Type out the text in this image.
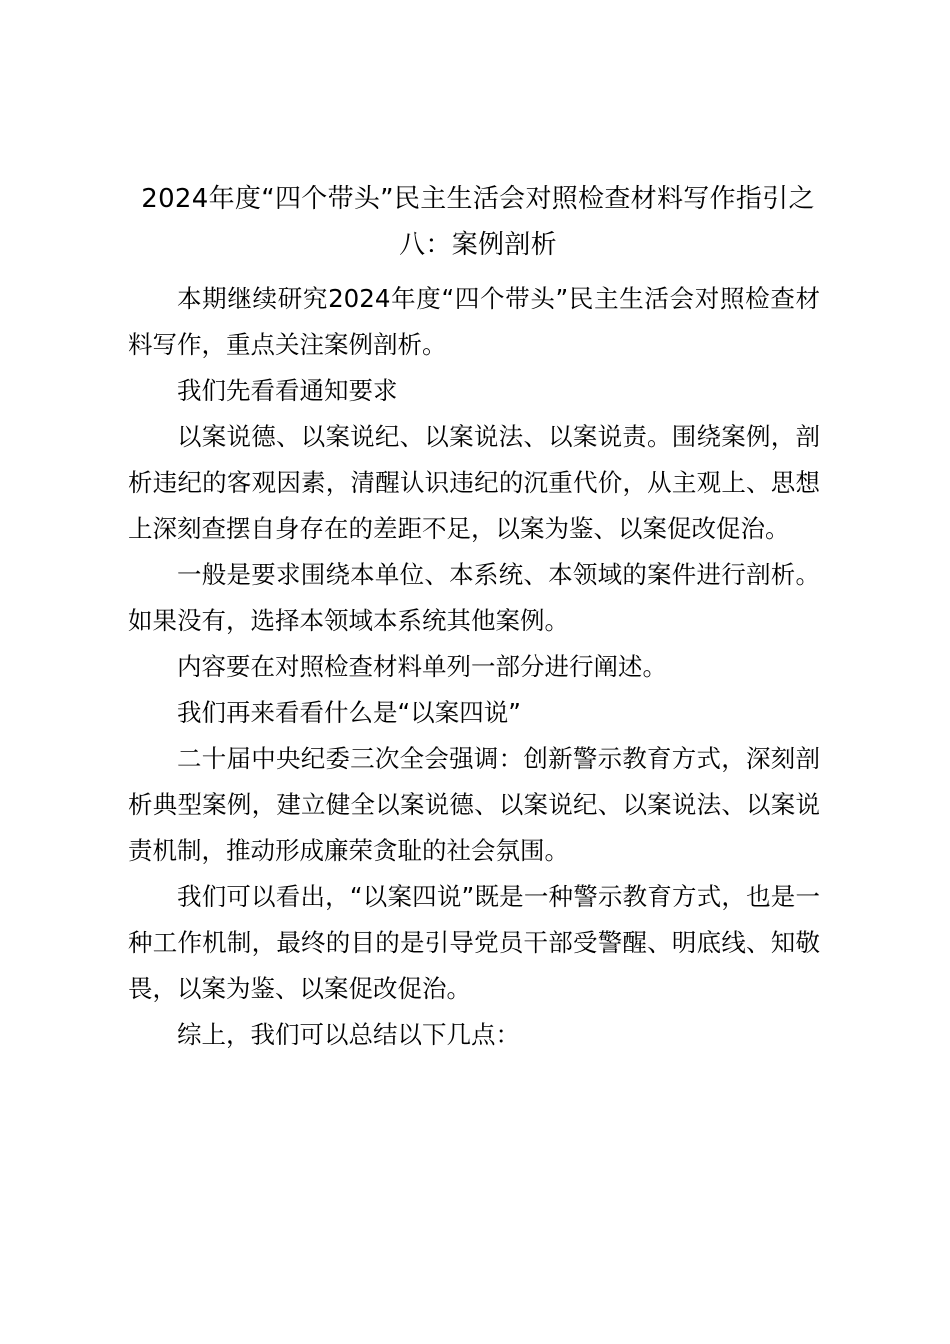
2024年度“四个带头”民主生活会对照检查材料写作指引之八：案例剖析

本期继续研究2024年度“四个带头”民主生活会对照检查材料写作，重点关注案例剖析。

我们先看看通知要求

以案说德、以案说纪、以案说法、以案说责。围绕案例，剖析违纪的客观因素，清醒认识违纪的沉重代价，从主观上、思想上深刻查摆自身存在的差距不足，以案为鉴、以案促改促治。

一般是要求围绕本单位、本系统、本领域的案件进行剖析。如果没有，选择本领域本系统其他案例。

内容要在对照检查材料单列一部分进行阐述。

我们再来看看什么是“以案四说”

二十届中央纪委三次全会强调：创新警示教育方式，深刻剖析典型案例，建立健全以案说德、以案说纪、以案说法、以案说责机制，推动形成廉荣贪耻的社会氛围。

我们可以看出，“以案四说”既是一种警示教育方式，也是一种工作机制，最终的目的是引导党员干部受警醒、明底线、知敬畏，以案为鉴、以案促改促治。

综上，我们可以总结以下几点：
